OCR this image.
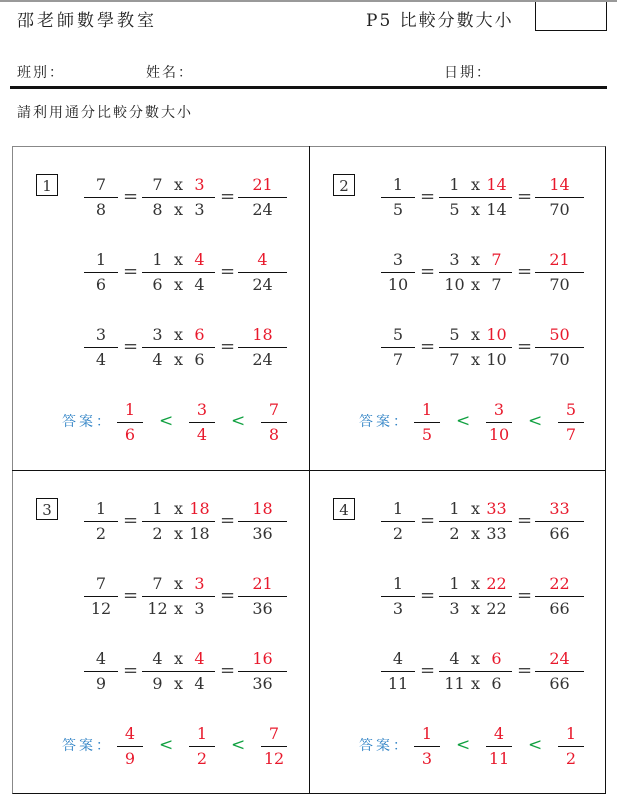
邵老師數學教室	P5 比較分數大小
班別：	姓名：	日期：
請利用通分比較分數大小
1	7
8
=
7 x 3
8 x 3
=
21
24
1
6
=
1 x 4
6 x 4
=
4
24
3
4
=
3 x 6
4 x 6
=
18
24
答案：
1
6
<
3
4
<
7
8
2	1
5
=
1 x 14
5 x 14
=
14
70
3
10
=
3 x 7
10 x 7
=
21
70
5
7
=
5 x 10
7 x 10
=
50
70
答案：
1
5
<
3
10
<
5
7
3	1
2
=
1 x 18
2 x 18
=
18
36
7
12
=
7 x 3
12 x 3
=
21
36
4
9
=
4 x 4
9 x 4
=
16
36
答案：
4
9
<
1
2
<
7
12
4	1
2
=
1 x 33
2 x 33
=
33
66
1
3
=
1 x 22
3 x 22
=
22
66
4
11
=
4 x 6
11 x 6
=
24
66
答案：
1
3
<
4
11
<
1
2
